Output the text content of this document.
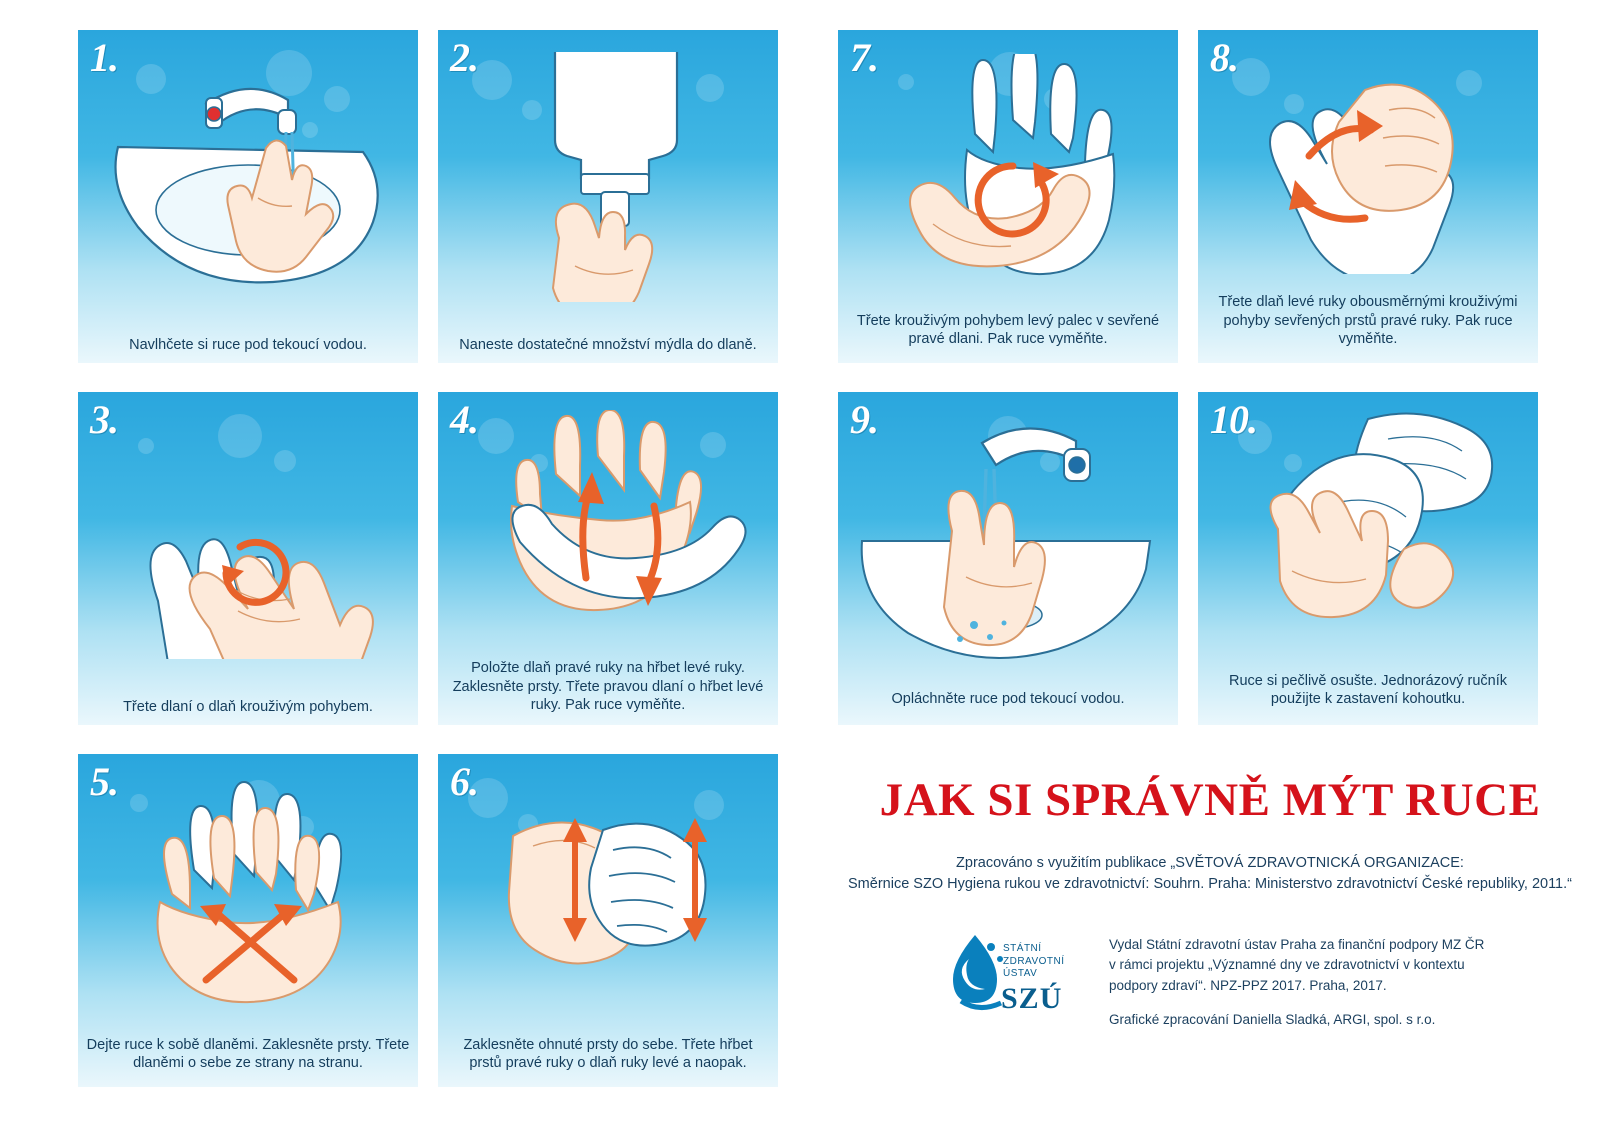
1.
Navlhčete si ruce pod tekoucí vodou.
2.
Naneste dostatečné množství mýdla do dlaně.
3.
Třete dlaní o dlaň krouživým pohybem.
4.
Položte dlaň pravé ruky na hřbet levé ruky. Zaklesněte prsty. Třete pravou dlaní o hřbet levé ruky. Pak ruce vyměňte.
5.
Dejte ruce k sobě dlaněmi. Zaklesněte prsty. Třete dlaněmi o sebe ze strany na stranu.
6.
Zaklesněte ohnuté prsty do sebe. Třete hřbet prstů pravé ruky o dlaň ruky levé a naopak.
7.
Třete krouživým pohybem levý palec v sevřené pravé dlani. Pak ruce vyměňte.
8.
Třete dlaň levé ruky obousměrnými krouživými pohyby sevřených prstů pravé ruky. Pak ruce vyměňte.
9.
Opláchněte ruce pod tekoucí vodou.
10.
Ruce si pečlivě osušte. Jednorázový ručník použijte k zastavení kohoutku.
JAK SI SPRÁVNĚ MÝT RUCE
Zpracováno s využitím publikace „SVĚTOVÁ ZDRAVOTNICKÁ ORGANIZACE:
Směrnice SZO Hygiena rukou ve zdravotnictví: Souhrn. Praha: Ministerstvo zdravotnictví České republiky, 2011.“
STÁTNÍ
ZDRAVOTNÍ
ÚSTAV
SZÚ
Vydal Státní zdravotní ústav Praha za finanční podpory MZ ČR
v rámci projektu „Významné dny ve zdravotnictví v kontextu
podpory zdraví“. NPZ-PPZ 2017. Praha, 2017.
Grafické zpracování Daniella Sladká, ARGI, spol. s r.o.
